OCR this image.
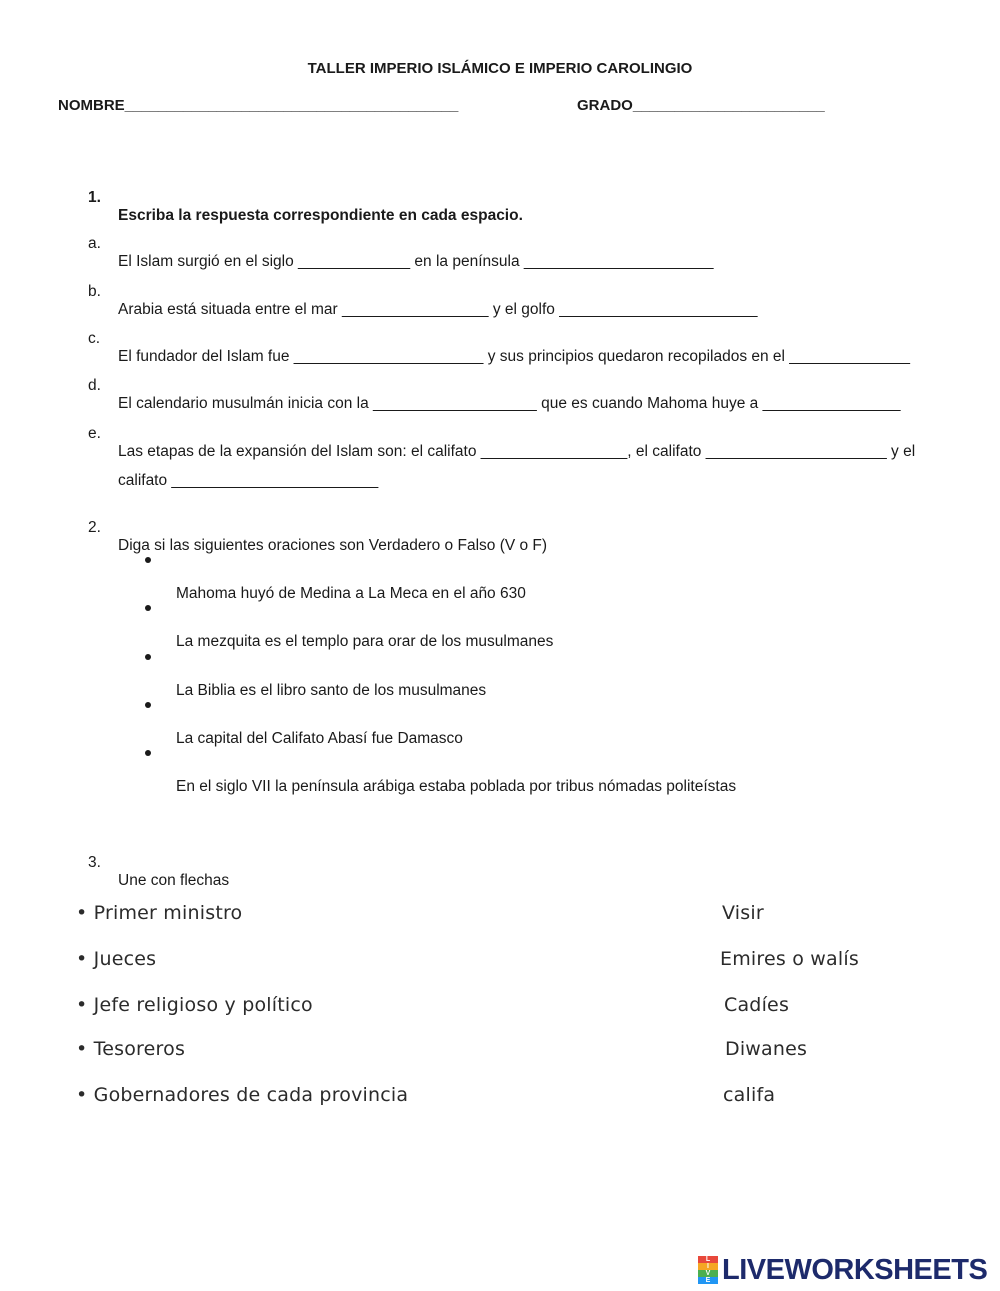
TALLER IMPERIO ISLÁMICO E IMPERIO CAROLINGIO
NOMBRE________________________________________	GRADO_______________________

1.

Escriba la respuesta correspondiente en cada espacio.

a.

El Islam surgió en el siglo _____________ en la península ______________________

b.

Arabia está situada entre el mar _________________ y el golfo _______________________

c.

El fundador del Islam fue ______________________ y sus principios quedaron recopilados en el ______________

d.

El calendario musulmán inicia con la ___________________ que es cuando Mahoma huye a ________________

e.

Las etapas de la expansión del Islam son: el califato _________________, el califato _____________________ y el

califato ________________________

2.

Diga si las siguientes oraciones son Verdadero o Falso (V o F)

Mahoma huyó de Medina a La Meca en el año 630

La mezquita es el templo para orar de los musulmanes

La Biblia es el libro santo de los musulmanes

La capital del Califato Abasí fue Damasco

En el siglo VII la península arábiga estaba poblada por tribus nómadas politeístas

3.

Une con flechas

• Primer ministro
• Jueces
• Jefe religioso y político
• Tesoreros
• Gobernadores de cada provincia
Visir
Emires o walís
Cadíes
Diwanes
califa
L
I
V
E LIVEWORKSHEETS
